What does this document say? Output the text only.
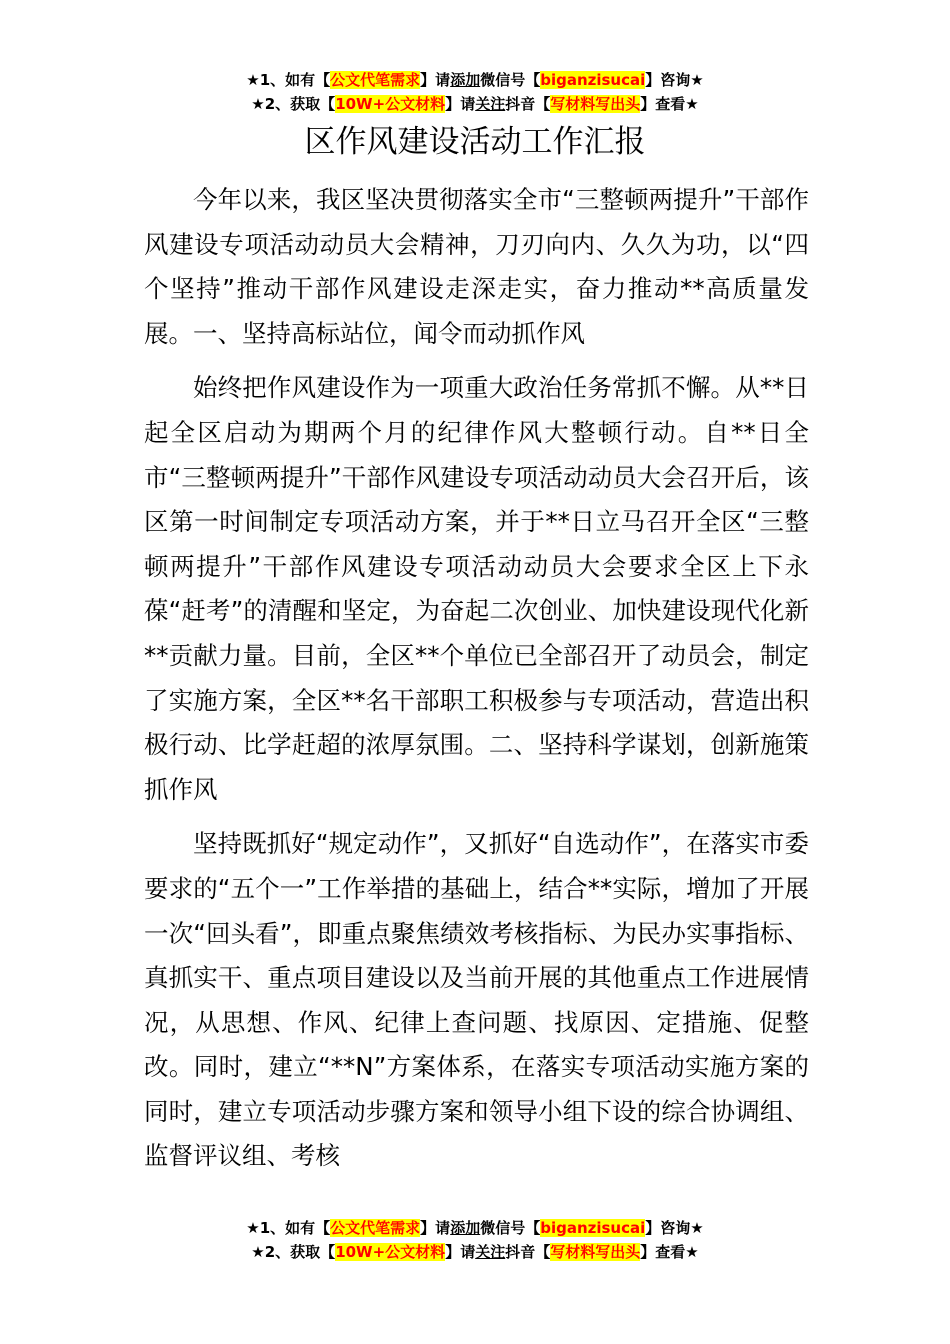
★1、如有【公文代笔需求】请添加微信号【biganzisucai】咨询★
★2、获取【10W+公文材料】请关注抖音【写材料写出头】查看★
区作风建设活动工作汇报

今年以来，我区坚决贯彻落实全市“三整顿两提升”干部作风建设专项活动动员大会精神，刀刃向内、久久为功，以“四个坚持”推动干部作风建设走深走实，奋力推动**高质量发展。一、坚持高标站位，闻令而动抓作风

始终把作风建设作为一项重大政治任务常抓不懈。从**日起全区启动为期两个月的纪律作风大整顿行动。自**日全市“三整顿两提升”干部作风建设专项活动动员大会召开后，该区第一时间制定专项活动方案，并于**日立马召开全区“三整顿两提升”干部作风建设专项活动动员大会要求全区上下永葆“赶考”的清醒和坚定，为奋起二次创业、加快建设现代化新**贡献力量。目前，全区**个单位已全部召开了动员会，制定了实施方案，全区**名干部职工积极参与专项活动，营造出积极行动、比学赶超的浓厚氛围。二、坚持科学谋划，创新施策抓作风

坚持既抓好“规定动作”，又抓好“自选动作”，在落实市委要求的“五个一”工作举措的基础上，结合**实际，增加了开展一次“回头看”，即重点聚焦绩效考核指标、为民办实事指标、真抓实干、重点项目建设以及当前开展的其他重点工作进展情况，从思想、作风、纪律上查问题、找原因、定措施、促整改。同时，建立“**N”方案体系，在落实专项活动实施方案的同时，建立专项活动步骤方案和领导小组下设的综合协调组、监督评议组、考核

★1、如有【公文代笔需求】请添加微信号【biganzisucai】咨询★
★2、获取【10W+公文材料】请关注抖音【写材料写出头】查看★
